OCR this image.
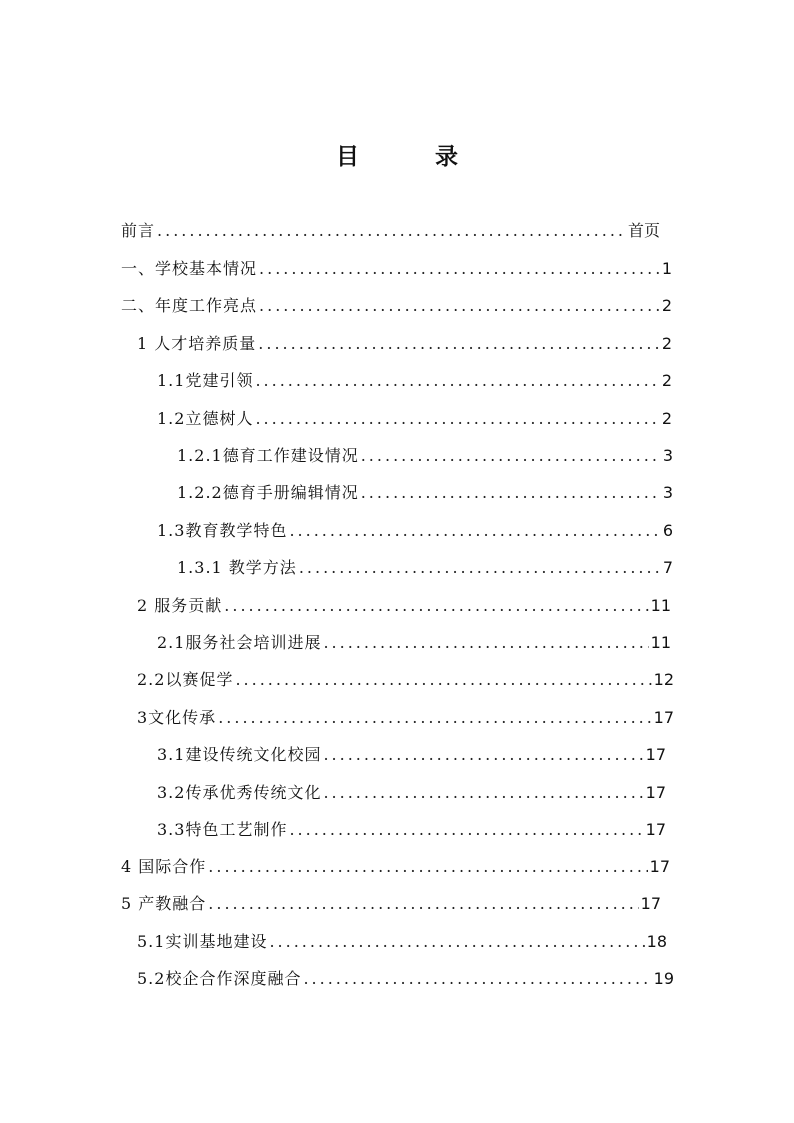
目 录
前言 .....	首页
一、学校基本情况 .....	1
二、年度工作亮点 .....	2
1 人才培养质量 .....	2
1.1党建引领 .....	2
1.2立德树人 .....	2
1.2.1德育工作建设情况 .....	3
1.2.2德育手册编辑情况 .....	3
1.3教育教学特色 .....	6
1.3.1 教学方法 .....	7
2 服务贡献 .....	11
2.1服务社会培训进展 .....	11
2.2以赛促学 .....	12
3文化传承 .....	17
3.1建设传统文化校园 .....	17
3.2传承优秀传统文化 .....	17
3.3特色工艺制作 .....	17
4 国际合作 .....	17
5 产教融合 .....	17
5.1实训基地建设 .....	18
5.2校企合作深度融合 .....	19
